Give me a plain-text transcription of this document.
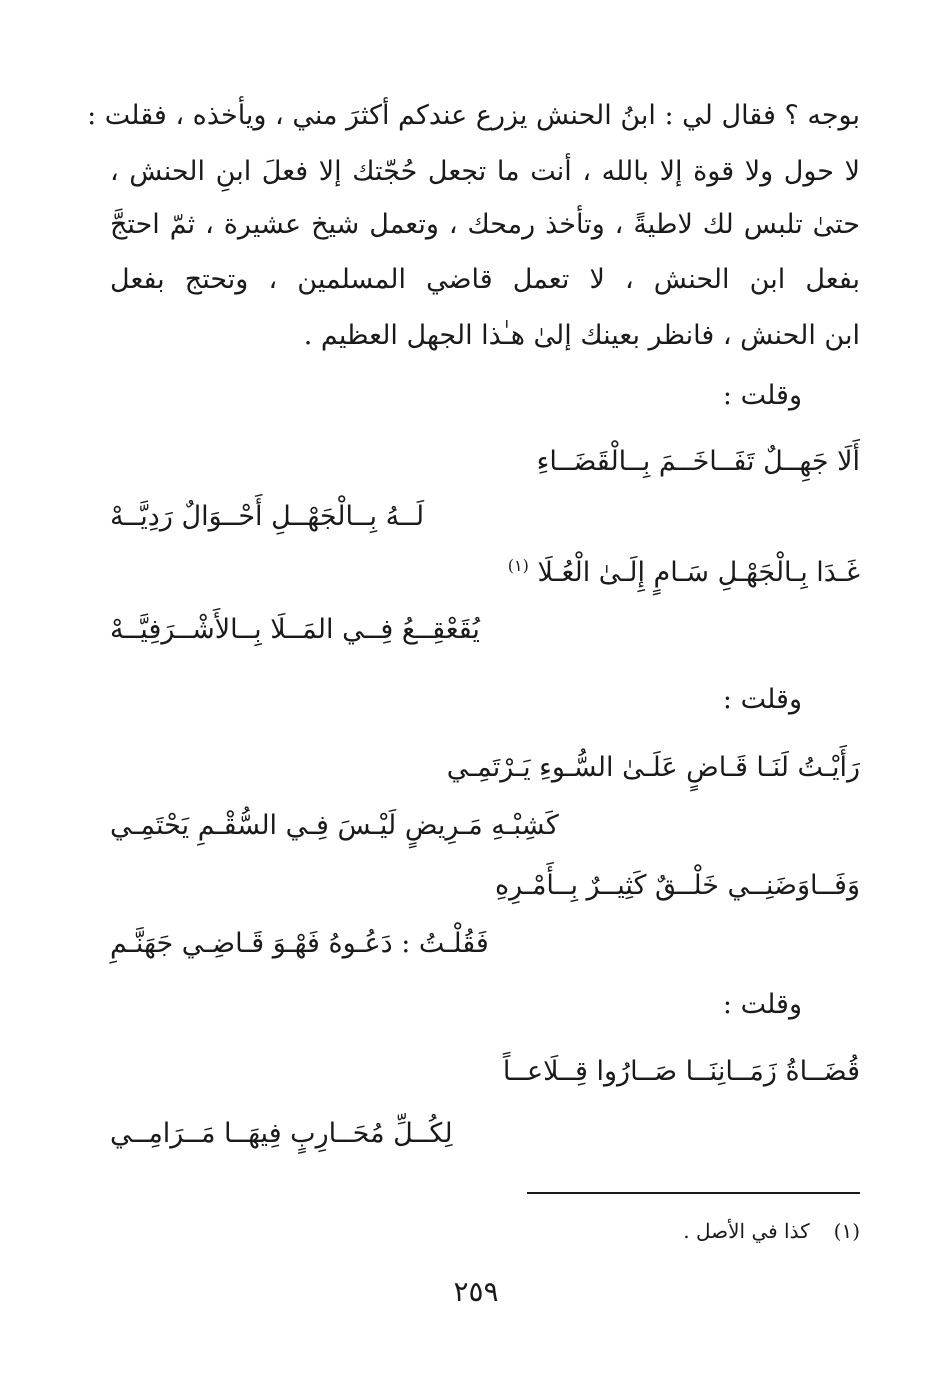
بوجه ؟ فقال لي : ابنُ الحنش يزرع عندكم أكثرَ مني ، ويأخذه ، فقلت :
لا حول ولا قوة إلا بالله ، أنت ما تجعل حُجّتك إلا فعلَ ابنِ الحنش ،
حتىٰ تلبس لك لاطيةً ، وتأخذ رمحك ، وتعمل شيخ عشيرة ، ثمّ احتجَّ
بفعل ابن الحنش ، لا تعمل قاضي المسلمين ، وتحتج بفعل
ابن الحنش ، فانظر بعينك إلىٰ هـٰذا الجهل العظيم .
وقلت :
أَلَا جَهِــلٌ تَفَــاخَــمَ بِــالْقَضَــاءِ
لَــهُ بِــالْجَهْــلِ أَحْــوَالٌ رَدِيَّــهْ
غَـدَا بِـالْجَهْـلِ سَـامٍ إِلَـىٰ الْعُـلَا $^{(١)}$
يُقَعْقِــعُ فِــي المَــلَا بِــالأَشْــرَفِيَّــهْ
وقلت :
رَأَيْـتُ لَنَـا قَـاضٍ عَلَـىٰ السُّـوءِ يَـرْتَمِـي
كَشِبْـهِ مَـرِيضٍ لَيْـسَ فِـي السُّقْـمِ يَحْتَمِـي
وَفَــاوَضَنِــي خَلْــقٌ كَثِيــرٌ بِــأَمْـرِهِ
فَقُلْـتُ : دَعُـوهُ فَهْـوَ قَـاضِـي جَهَنَّـمِ
وقلت :
قُضَــاةُ زَمَــانِنَــا صَــارُوا قِــلَاعــاً
لِكُــلِّ مُحَــارِبٍ فِيهَــا مَــرَامِــي
(١)كذا في الأصل .
٢٥٩
